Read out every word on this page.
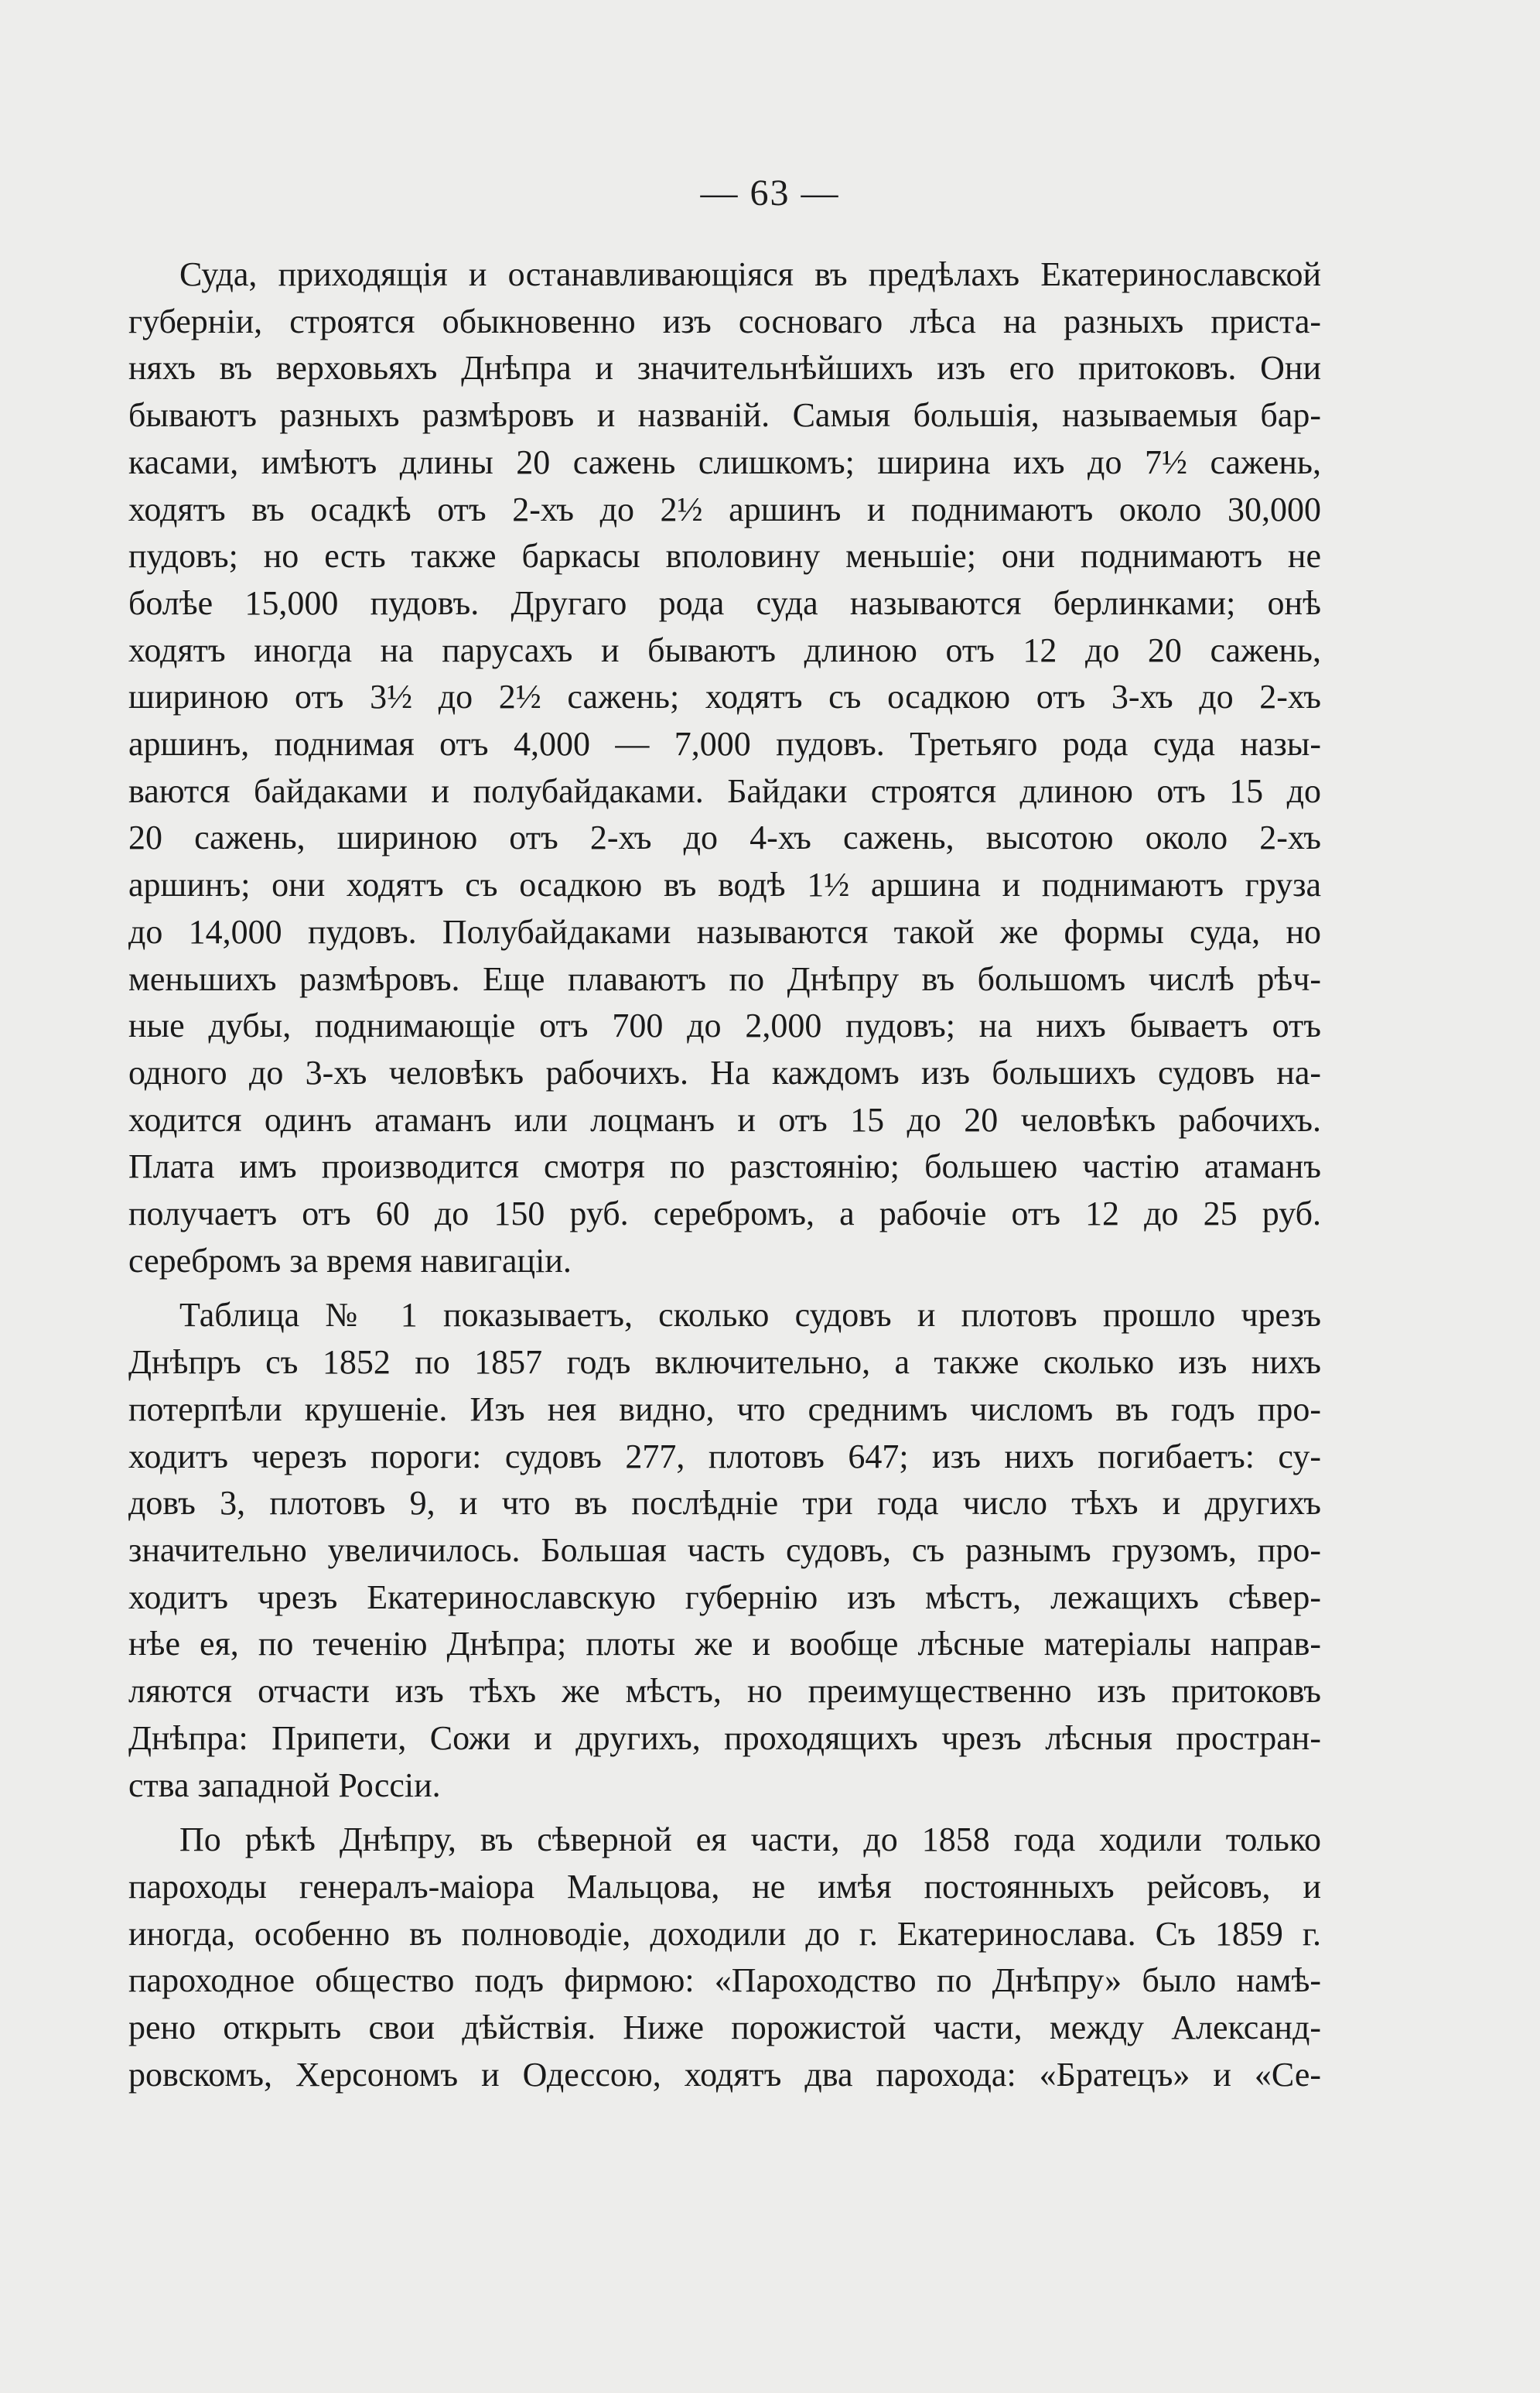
— 63 —
Суда, приходящія и останавливающіяся въ предѣлахъ Екатеринославской
губерніи, строятся обыкновенно изъ сосноваго лѣса на разныхъ приста-
няхъ въ верховьяхъ Днѣпра и значительнѣйшихъ изъ его притоковъ. Они
бываютъ разныхъ размѣровъ и названій. Самыя большія, называемыя бар-
касами, имѣютъ длины 20 сажень слишкомъ; ширина ихъ до 7½ сажень,
ходятъ въ осадкѣ отъ 2-хъ до 2½ аршинъ и поднимаютъ около 30,000
пудовъ; но есть также баркасы вполовину меньшіе; они поднимаютъ не
болѣе 15,000 пудовъ. Другаго рода суда называются берлинками; онѣ
ходятъ иногда на парусахъ и бываютъ длиною отъ 12 до 20 сажень,
шириною отъ 3½ до 2½ сажень; ходятъ съ осадкою отъ 3-хъ до 2-хъ
аршинъ, поднимая отъ 4,000 — 7,000 пудовъ. Третьяго рода суда назы-
ваются байдаками и полубайдаками. Байдаки строятся длиною отъ 15 до
20 сажень, шириною отъ 2-хъ до 4-хъ сажень, высотою около 2-хъ
аршинъ; они ходятъ съ осадкою въ водѣ 1½ аршина и поднимаютъ груза
до 14,000 пудовъ. Полубайдаками называются такой же формы суда, но
меньшихъ размѣровъ. Еще плаваютъ по Днѣпру въ большомъ числѣ рѣч-
ные дубы, поднимающіе отъ 700 до 2,000 пудовъ; на нихъ бываетъ отъ
одного до 3-хъ человѣкъ рабочихъ. На каждомъ изъ большихъ судовъ на-
ходится одинъ атаманъ или лоцманъ и отъ 15 до 20 человѣкъ рабочихъ.
Плата имъ производится смотря по разстоянію; большею частію атаманъ
получаетъ отъ 60 до 150 руб. серебромъ, а рабочіе отъ 12 до 25 руб.
серебромъ за время навигаціи.
Таблица № 1 показываетъ, сколько судовъ и плотовъ прошло чрезъ
Днѣпръ съ 1852 по 1857 годъ включительно, а также сколько изъ нихъ
потерпѣли крушеніе. Изъ нея видно, что среднимъ числомъ въ годъ про-
ходитъ черезъ пороги: судовъ 277, плотовъ 647; изъ нихъ погибаетъ: су-
довъ 3, плотовъ 9, и что въ послѣдніе три года число тѣхъ и другихъ
значительно увеличилось. Большая часть судовъ, съ разнымъ грузомъ, про-
ходитъ чрезъ Екатеринославскую губернію изъ мѣстъ, лежащихъ сѣвер-
нѣе ея, по теченію Днѣпра; плоты же и вообще лѣсные матеріалы направ-
ляются отчасти изъ тѣхъ же мѣстъ, но преимущественно изъ притоковъ
Днѣпра: Припети, Сожи и другихъ, проходящихъ чрезъ лѣсныя простран-
ства западной Россіи.
По рѣкѣ Днѣпру, въ сѣверной ея части, до 1858 года ходили только
пароходы генералъ-маіора Мальцова, не имѣя постоянныхъ рейсовъ, и
иногда, особенно въ полноводіе, доходили до г. Екатеринослава. Съ 1859 г.
пароходное общество подъ фирмою: «Пароходство по Днѣпру» было намѣ-
рено открыть свои дѣйствія. Ниже порожистой части, между Александ-
ровскомъ, Херсономъ и Одессою, ходятъ два парохода: «Братецъ» и «Се-
